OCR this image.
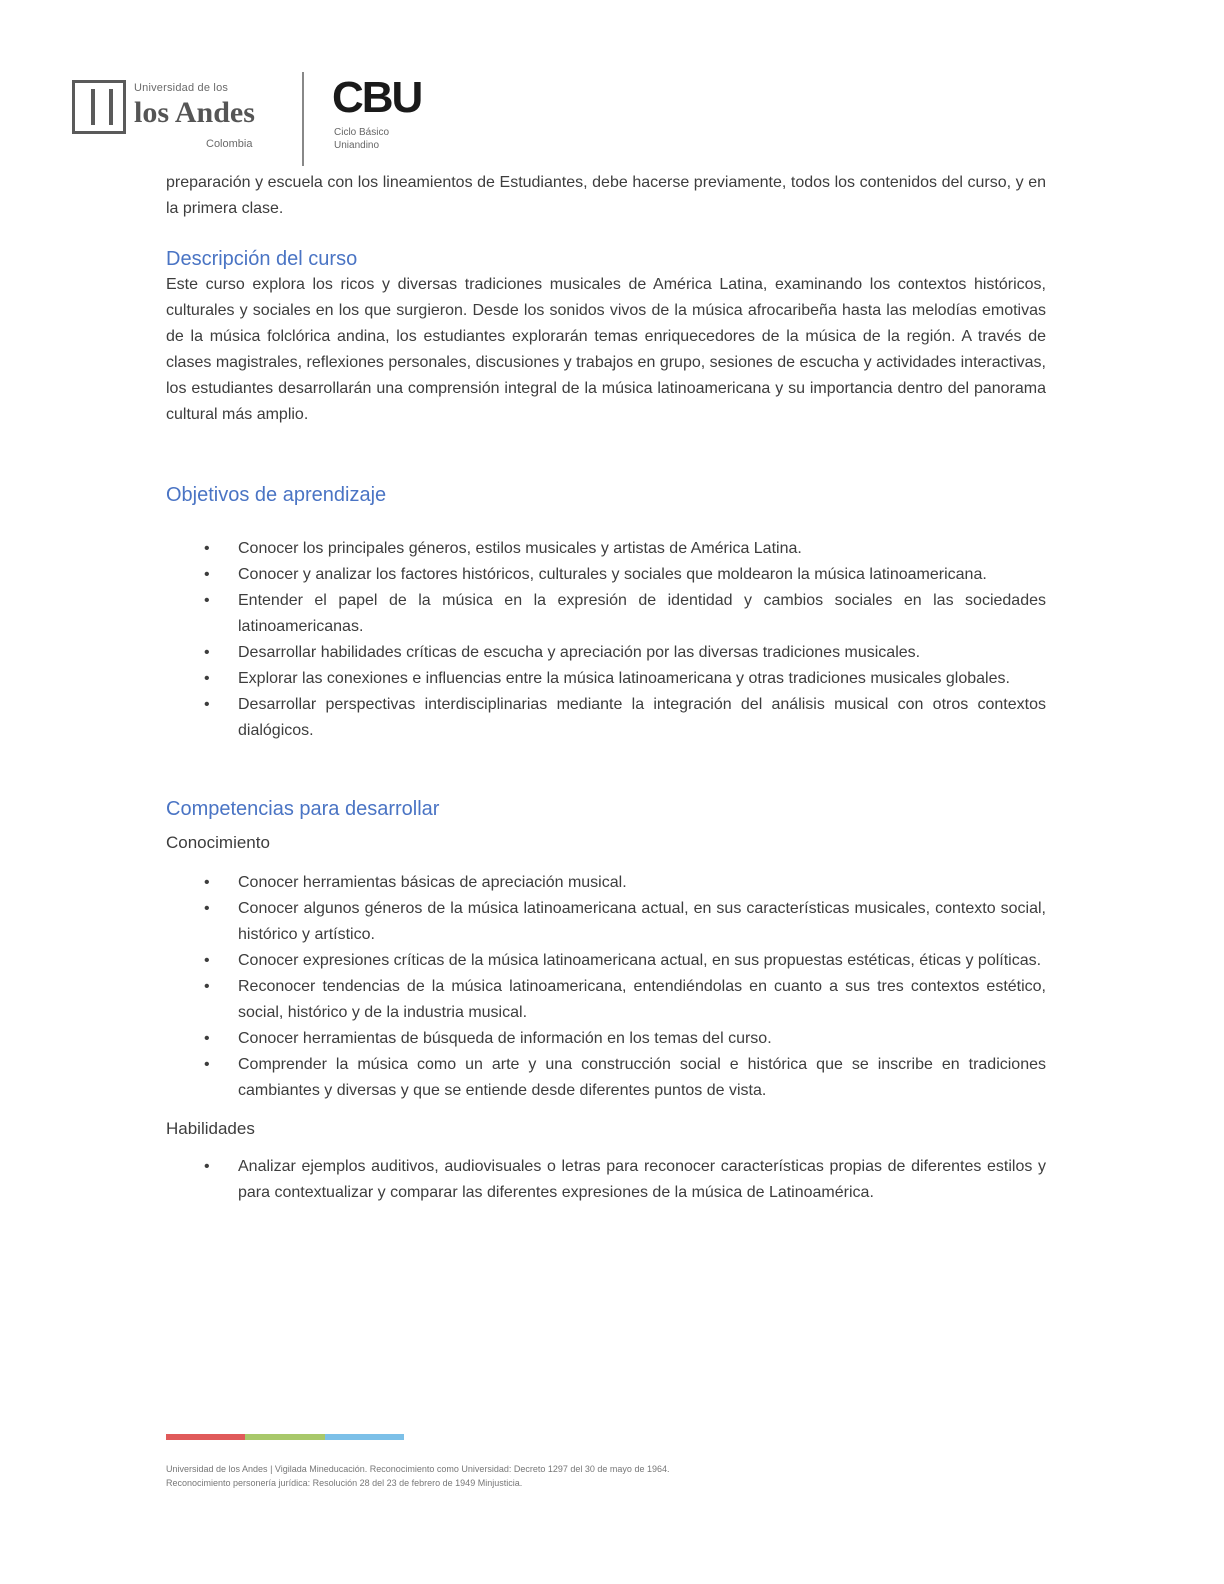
Universidad de los
los Andes
Colombia
CBU
Ciclo Básico
Uniandino

preparación y escuela con los lineamientos de Estudiantes, debe hacerse previamente, todos los contenidos del curso, y en la primera clase.

Descripción del curso

Este curso explora los ricos y diversas tradiciones musicales de América Latina, examinando los contextos históricos, culturales y sociales en los que surgieron. Desde los sonidos vivos de la música afrocaribeña hasta las melodías emotivas de la música folclórica andina, los estudiantes explorarán temas enriquecedores de la música de la región. A través de clases magistrales, reflexiones personales, discusiones y trabajos en grupo, sesiones de escucha y actividades interactivas, los estudiantes desarrollarán una comprensión integral de la música latinoamericana y su importancia dentro del panorama cultural más amplio.

Objetivos de aprendizaje
• Conocer los principales géneros, estilos musicales y artistas de América Latina.
• Conocer y analizar los factores históricos, culturales y sociales que moldearon la música latinoamericana.
• Entender el papel de la música en la expresión de identidad y cambios sociales en las sociedades latinoamericanas.
• Desarrollar habilidades críticas de escucha y apreciación por las diversas tradiciones musicales.
• Explorar las conexiones e influencias entre la música latinoamericana y otras tradiciones musicales globales.
• Desarrollar perspectivas interdisciplinarias mediante la integración del análisis musical con otros contextos dialógicos.
Competencias para desarrollar
Conocimiento
• Conocer herramientas básicas de apreciación musical.
• Conocer algunos géneros de la música latinoamericana actual, en sus características musicales, contexto social, histórico y artístico.
• Conocer expresiones críticas de la música latinoamericana actual, en sus propuestas estéticas, éticas y políticas.
• Reconocer tendencias de la música latinoamericana, entendiéndolas en cuanto a sus tres contextos estético, social, histórico y de la industria musical.
• Conocer herramientas de búsqueda de información en los temas del curso.
• Comprender la música como un arte y una construcción social e histórica que se inscribe en tradiciones cambiantes y diversas y que se entiende desde diferentes puntos de vista.
Habilidades
• Analizar ejemplos auditivos, audiovisuales o letras para reconocer características propias de diferentes estilos y para contextualizar y comparar las diferentes expresiones de la música de Latinoamérica.
Universidad de los Andes | Vigilada Mineducación. Reconocimiento como Universidad: Decreto 1297 del 30 de mayo de 1964.
Reconocimiento personería jurídica: Resolución 28 del 23 de febrero de 1949 Minjusticia.
